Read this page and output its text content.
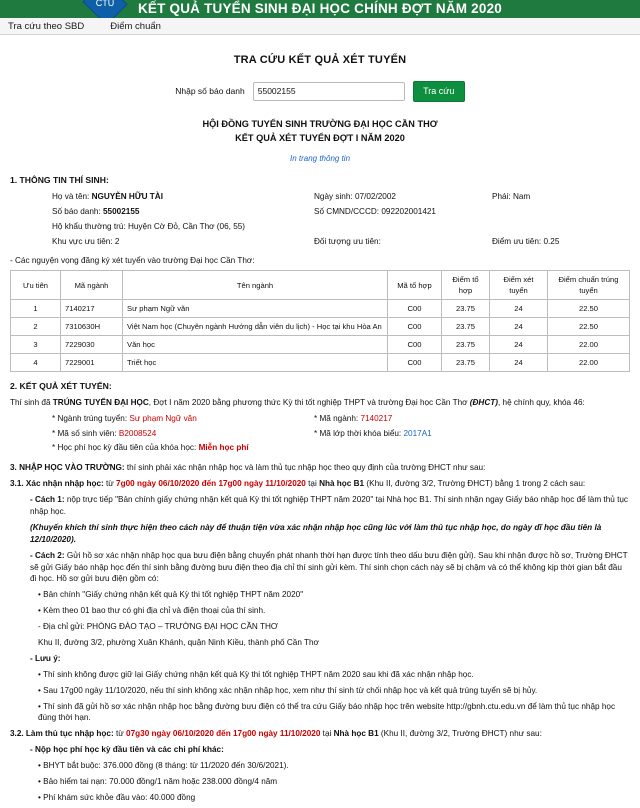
KẾT QUẢ TUYỂN SINH ĐẠI HỌC CHÍNH ĐỢT NĂM 2020
CTU
Tra cứu theo SBD	Điểm chuẩn
TRA CỨU KẾT QUẢ XÉT TUYỂN
Nhập số báo danh
55002155	Tra cứu
HỘI ĐỒNG TUYỂN SINH TRƯỜNG ĐẠI HỌC CẦN THƠ
KẾT QUẢ XÉT TUYỂN ĐỢT I NĂM 2020
In trang thông tin
1. THÔNG TIN THÍ SINH:
Họ và tên: NGUYỄN HỮU TÀI	Ngày sinh: 07/02/2002	Phái: Nam
Số báo danh: 55002155	Số CMND/CCCD: 092202001421
Hộ khẩu thường trú: Huyện Cờ Đỏ, Cần Thơ (06, 55)
Khu vực ưu tiên: 2	Đối tượng ưu tiên:	Điểm ưu tiên: 0.25
- Các nguyện vọng đăng ký xét tuyển vào trường Đại học Cần Thơ:
Ưu tiên	Mã ngành	Tên ngành	Mã tổ hợp	Điểm tổ hợp	Điểm xét tuyển	Điểm chuẩn trúng tuyển
1	7140217	Sư phạm Ngữ văn	C00	23.75	24	22.50
2	7310630H	Việt Nam học (Chuyên ngành Hướng dẫn viên du lịch) - Học tại khu Hòa An	C00	23.75	24	22.50
3	7229030	Văn học	C00	23.75	24	22.00
4	7229001	Triết học	C00	23.75	24	22.00
2. KẾT QUẢ XÉT TUYỂN:
Thí sinh đã TRÚNG TUYỂN ĐẠI HỌC, Đợt I năm 2020 bằng phương thức Kỳ thi tốt nghiệp THPT và trường Đại học Cần Thơ (ĐHCT), hệ chính quy, khóa 46:
* Ngành trúng tuyển: Sư phạm Ngữ văn	* Mã ngành: 7140217
* Mã số sinh viên: B2008524	* Mã lớp thời khóa biểu: 2017A1
* Học phí học kỳ đầu tiên của khóa học: Miễn học phí
3. NHẬP HỌC VÀO TRƯỜNG: thí sinh phải xác nhận nhập học và làm thủ tục nhập học theo quy định của trường ĐHCT như sau:
3.1. Xác nhận nhập học: từ 7g00 ngày 06/10/2020 đến 17g00 ngày 11/10/2020 tại Nhà học B1 (Khu II, đường 3/2, Trường ĐHCT) bằng 1 trong 2 cách sau:
- Cách 1: nộp trực tiếp "Bản chính giấy chứng nhận kết quả Kỳ thi tốt nghiệp THPT năm 2020" tại Nhà học B1. Thí sinh nhận ngay Giấy báo nhập học để làm thủ tục nhập học.
(Khuyến khích thí sinh thực hiện theo cách này để thuận tiện vừa xác nhận nhập học cũng lúc với làm thủ tục nhập học, do ngày dĩ học đầu tiên là 12/10/2020).
- Cách 2: Gửi hồ sơ xác nhận nhập học qua bưu điện bằng chuyển phát nhanh thời hạn được tính theo dấu bưu điện gửi). Sau khi nhận được hồ sơ, Trường ĐHCT sẽ gửi Giấy báo nhập học đến thí sinh bằng đường bưu điện theo địa chỉ thí sinh gửi kèm. Thí sinh chọn cách này sẽ bị chậm và có thể không kịp thời gian bắt đầu đi học. Hồ sơ gửi bưu điện gồm có:
• Bản chính "Giấy chứng nhận kết quả Kỳ thi tốt nghiệp THPT năm 2020"
• Kèm theo 01 bao thư có ghi địa chỉ và điện thoại của thí sinh.
- Địa chỉ gửi: PHÒNG ĐÀO TẠO – TRƯỜNG ĐẠI HỌC CẦN THƠ
Khu II, đường 3/2, phường Xuân Khánh, quận Ninh Kiều, thành phố Cần Thơ
- Lưu ý:
• Thí sinh không được giữ lại Giấy chứng nhận kết quả Kỳ thi tốt nghiệp THPT năm 2020 sau khi đã xác nhận nhập học.
• Sau 17g00 ngày 11/10/2020, nếu thí sinh không xác nhận nhập học, xem như thí sinh từ chối nhập học và kết quả trúng tuyển sẽ bị hủy.
• Thí sinh đã gửi hồ sơ xác nhận nhập học bằng đường bưu điện có thể tra cứu Giấy báo nhập học trên website http://gbnh.ctu.edu.vn để làm thủ tục nhập học đúng thời hạn.
3.2. Làm thủ tục nhập học: từ 07g30 ngày 06/10/2020 đến 17g00 ngày 11/10/2020 tại Nhà học B1 (Khu II, đường 3/2, Trường ĐHCT) như sau:
- Nộp học phí học kỳ đầu tiên và các chi phí khác:
• BHYT bắt buộc: 376.000 đồng (8 tháng: từ 11/2020 đến 30/6/2021).
• Bảo hiểm tai nạn: 70.000 đồng/1 năm hoặc 238.000 đồng/4 năm
• Phí khám sức khỏe đầu vào: 40.000 đồng
